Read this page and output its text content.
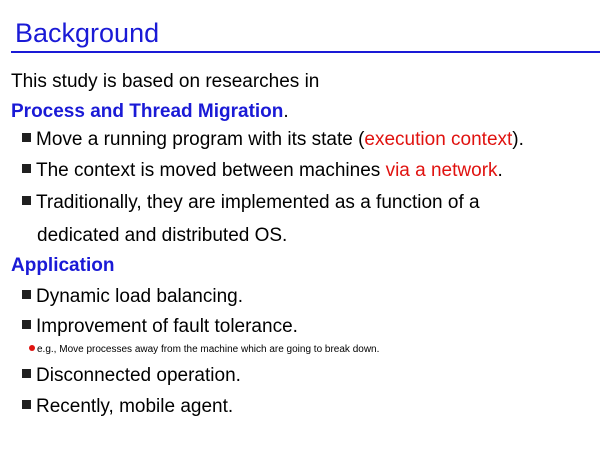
Background
This study is based on researches in
Process and Thread Migration.
Move a running program with its state (execution context).
The context is moved between machines via a network.
Traditionally, they are implemented as a function of a
dedicated and distributed OS.
Application
Dynamic load balancing.
Improvement of fault tolerance.
e.g., Move processes away from the machine which are going to break down.
Disconnected operation.
Recently, mobile agent.
